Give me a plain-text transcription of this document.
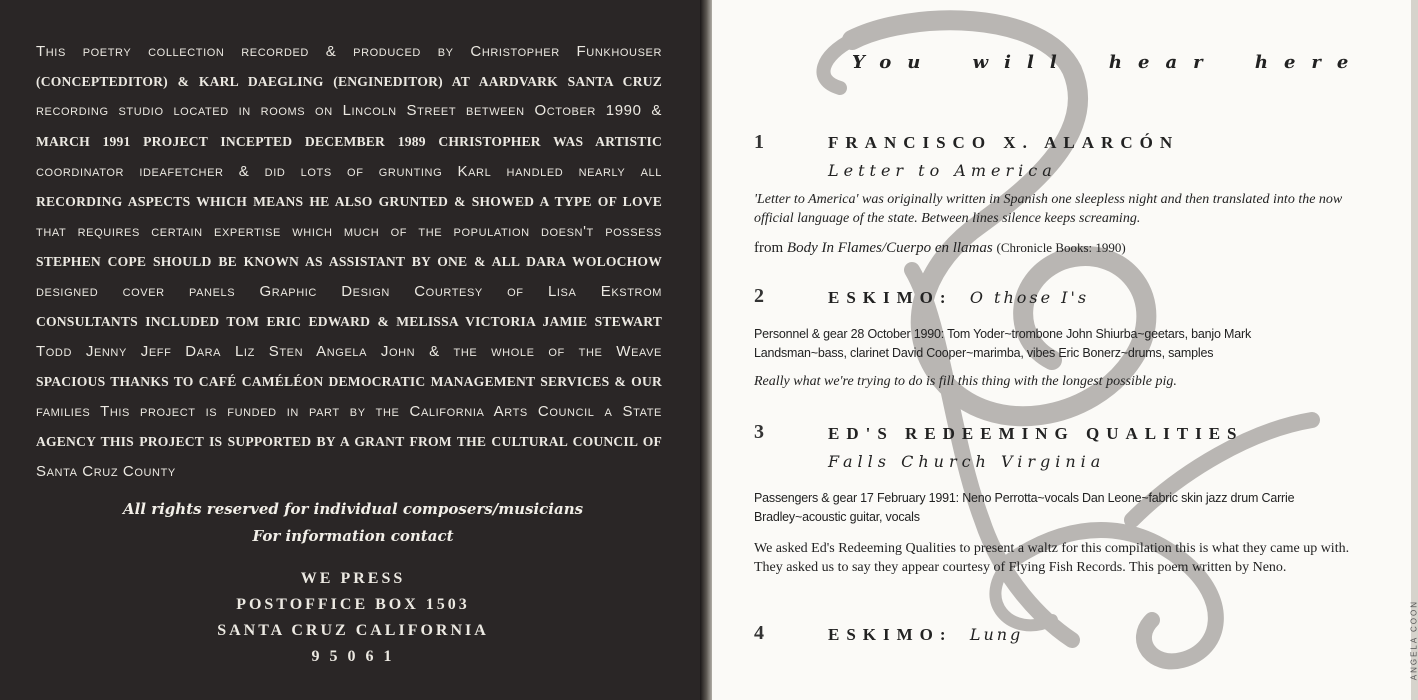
This poetry collection recorded & produced by Christopher Funkhouser
(CONCEPTEDITOR) & KARL DAEGLING (ENGINEDITOR) AT AARDVARK SANTA CRUZ
recording studio located in rooms on Lincoln Street between October 1990 &
MARCH 1991 PROJECT INCEPTED DECEMBER 1989 CHRISTOPHER WAS ARTISTIC
coordinator ideafetcher & did lots of grunting Karl handled nearly all
RECORDING ASPECTS WHICH MEANS HE ALSO GRUNTED & SHOWED A TYPE OF LOVE
that requires certain expertise which much of the population doesn't possess
STEPHEN COPE SHOULD BE KNOWN AS ASSISTANT BY ONE & ALL DARA WOLOCHOW
designed cover panels Graphic Design Courtesy of Lisa Ekstrom
CONSULTANTS INCLUDED TOM ERIC EDWARD & MELISSA VICTORIA JAMIE STEWART
Todd Jenny Jeff Dara Liz Sten Angela John & the whole of the Weave
SPACIOUS THANKS TO CAFÉ CAMÉLÉON DEMOCRATIC MANAGEMENT SERVICES & OUR
families This project is funded in part by the California Arts Council a State
AGENCY THIS PROJECT IS SUPPORTED BY A GRANT FROM THE CULTURAL COUNCIL OF
Santa Cruz County
All rights reserved for individual composers/musicians
For information contact
WE PRESS
POSTOFFICE BOX 1503
SANTA CRUZ CALIFORNIA
9 5 0 6 1
You will hear here
1	FRANCISCO X. ALARCÓN
Letter to America
'Letter to America' was originally written in Spanish one sleepless night and then translated into the now official language of the state. Between lines silence keeps screaming.
from Body In Flames/Cuerpo en llamas (Chronicle Books: 1990)
2	ESKIMO: O those I's
Personnel & gear 28 October 1990: Tom Yoder~trombone John Shiurba~geetars, banjo Mark Landsman~bass, clarinet David Cooper~marimba, vibes Eric Bonerz~drums, samples
Really what we're trying to do is fill this thing with the longest possible pig.
3	ED'S REDEEMING QUALITIES
Falls Church Virginia
Passengers & gear 17 February 1991: Neno Perrotta~vocals Dan Leone~fabric skin jazz drum Carrie Bradley~acoustic guitar, vocals
We asked Ed's Redeeming Qualities to present a waltz for this compilation this is what they came up with. They asked us to say they appear courtesy of Flying Fish Records. This poem written by Neno.
4	ESKIMO: Lung	ANGELA COON
